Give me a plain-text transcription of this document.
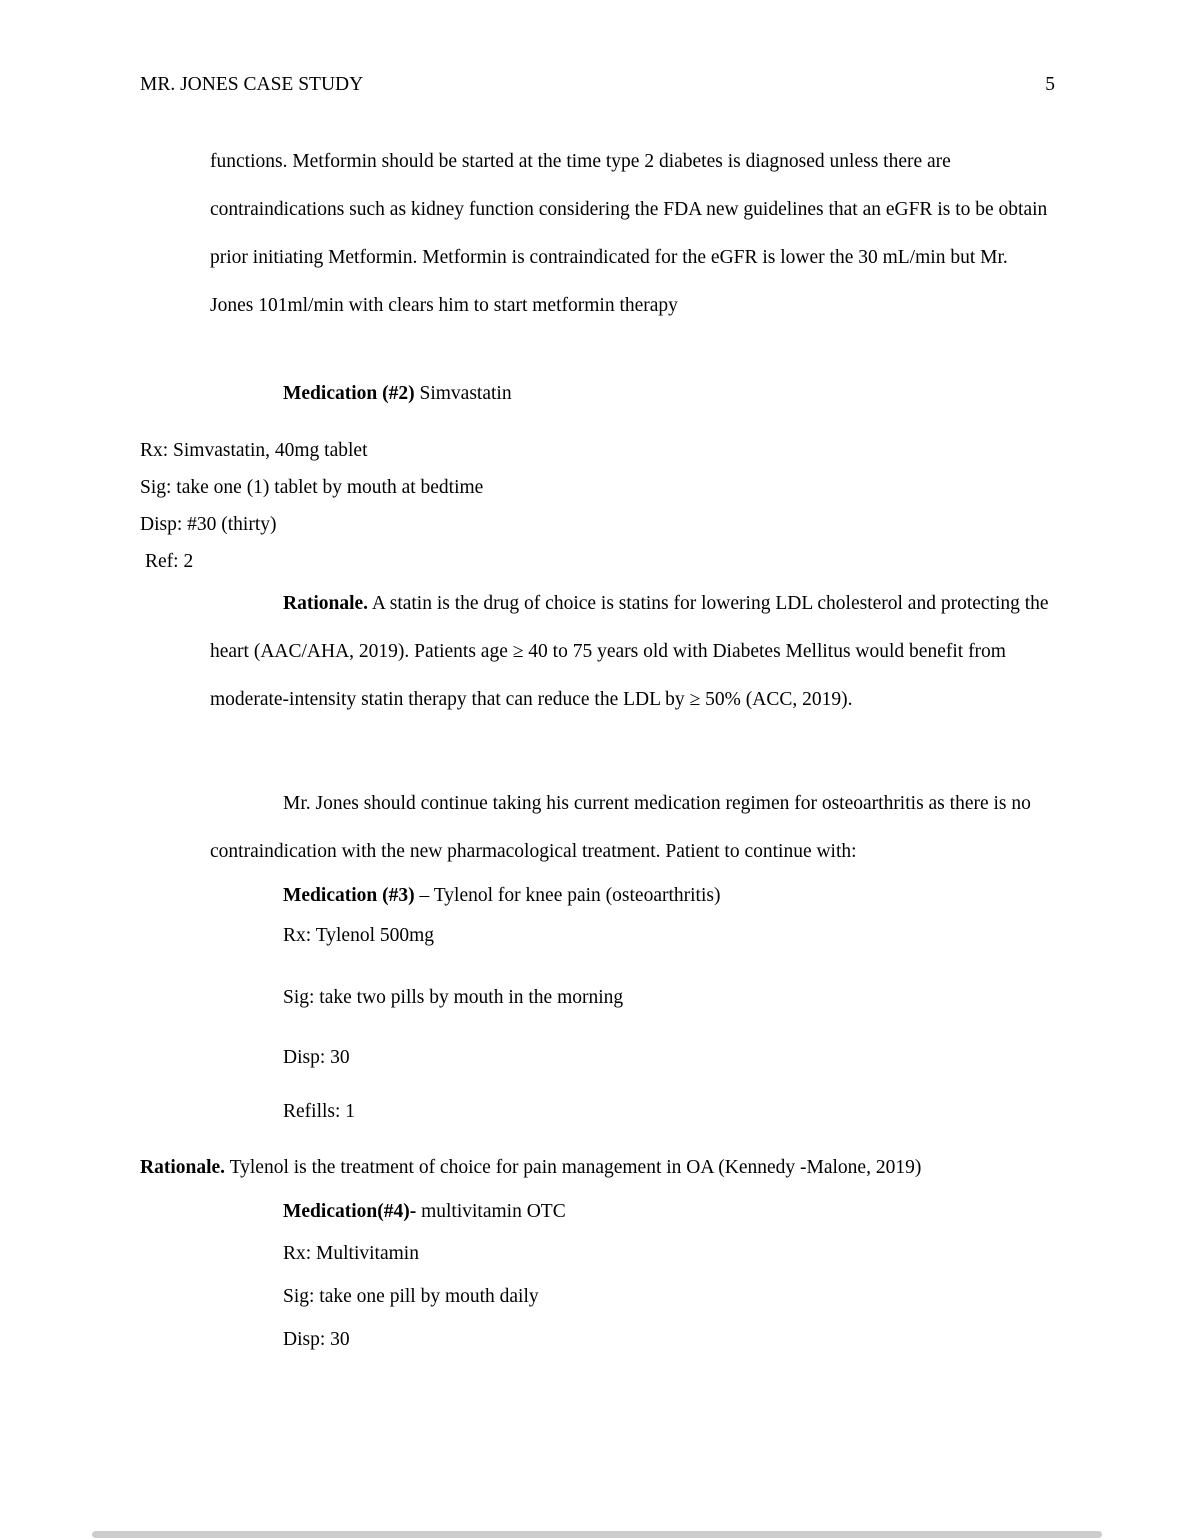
MR. JONES CASE STUDY	5
functions. Metformin should be started at the time type 2 diabetes is diagnosed unless there are contraindications such as kidney function considering the FDA new guidelines that an eGFR is to be obtain prior initiating Metformin. Metformin is contraindicated for the eGFR is lower the 30 mL/min but Mr. Jones 101ml/min with clears him to start metformin therapy
Medication (#2) Simvastatin
Rx: Simvastatin, 40mg tablet
Sig: take one (1) tablet by mouth at bedtime
Disp: #30 (thirty)
Ref: 2
Rationale. A statin is the drug of choice is statins for lowering LDL cholesterol and protecting the heart (AAC/AHA, 2019). Patients age ≥ 40 to 75 years old with Diabetes Mellitus would benefit from moderate-intensity statin therapy that can reduce the LDL by ≥ 50% (ACC, 2019).
Mr. Jones should continue taking his current medication regimen for osteoarthritis as there is no contraindication with the new pharmacological treatment. Patient to continue with:
Medication (#3) – Tylenol for knee pain (osteoarthritis)
Rx: Tylenol 500mg
Sig: take two pills by mouth in the morning
Disp: 30
Refills: 1
Rationale. Tylenol is the treatment of choice for pain management in OA (Kennedy -Malone, 2019)
Medication(#4)- multivitamin OTC
Rx: Multivitamin
Sig: take one pill by mouth daily
Disp: 30
